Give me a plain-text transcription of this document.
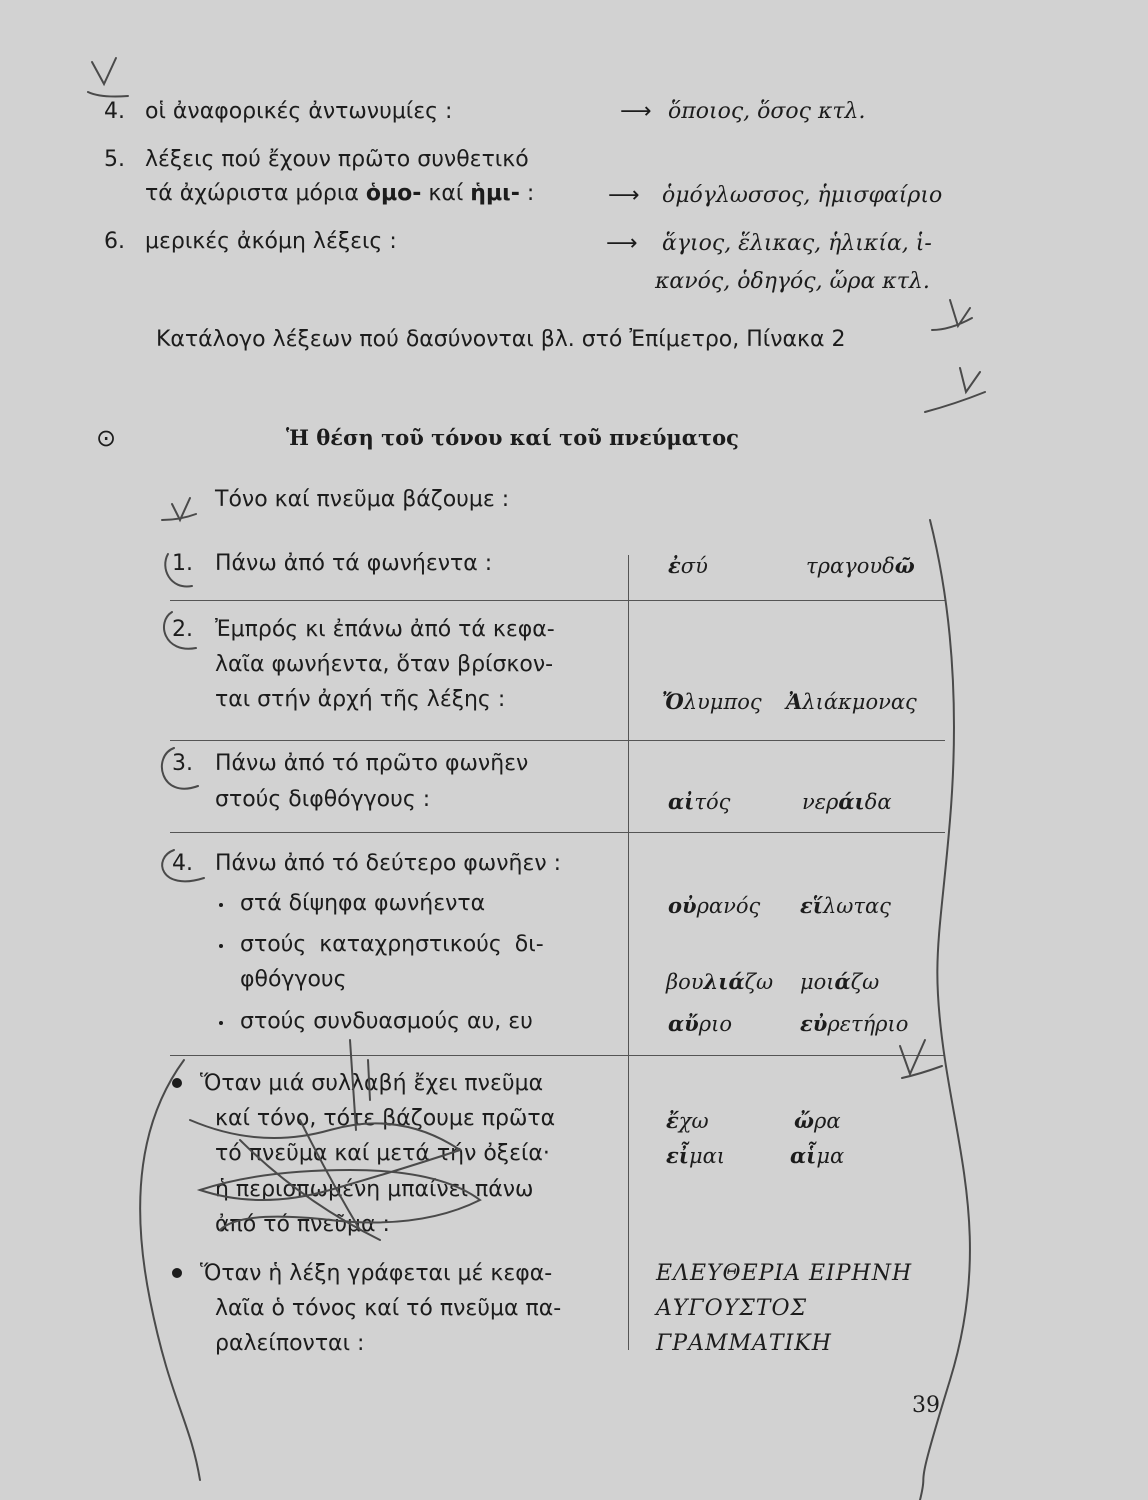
4. οἱ ἀναφορικές ἀντωνυμίες :	⟶ ὅποιος, ὅσος κτλ.
5. λέξεις πού ἔχουν πρῶτο συνθετικό
τά ἀχώριστα μόρια ὁμο- καί ἡμι- :	⟶ ὁμόγλωσσος, ἡμισφαίριο
6. μερικές ἀκόμη λέξεις :	⟶ ἅγιος, ἕλικας, ἡλικία, ἱ-
κανός, ὁδηγός, ὥρα κτλ.
Κατάλογο λέξεων πού δασύνονται βλ. στό Ἐπίμετρο, Πίνακα 2
⊙	Ἡ θέση τοῦ τόνου καί τοῦ πνεύματος
Τόνο καί πνεῦμα βάζουμε :
1. Πάνω ἀπό τά φωνήεντα :	ἐσύ	τραγουδῶ
2. Ἐμπρός κι ἐπάνω ἀπό τά κεφα-
λαῖα φωνήεντα, ὅταν βρίσκον-
ται στήν ἀρχή τῆς λέξης :	Ὄλυμπος Ἀλιάκμονας
3. Πάνω ἀπό τό πρῶτο φωνῆεν
στούς διφθόγγους :	αἰτός	νεράιδα
4. Πάνω ἀπό τό δεύτερο φωνῆεν :
στά δίψηφα φωνήεντα	οὐρανός εἵλωτας
στούς καταχρηστικούς δι-
φθόγγους	βουλιάζω μοιάζω
στούς συνδυασμούς αυ, ευ	αὔριο	εὐρετήριο
Ὅταν μιά συλλαβή ἔχει πνεῦμα
καί τόνο, τότε βάζουμε πρῶτα
τό πνεῦμα καί μετά τήν ὀξεία·
ἡ περισπωμένη μπαίνει πάνω
ἀπό τό πνεῦμα :
ἔχω	ὤρα
εἶμαι	αἷμα
Ὅταν ἡ λέξη γράφεται μέ κεφα-
λαῖα ὁ τόνος καί τό πνεῦμα πα-
ραλείπονται :
ΕΛΕΥΘΕΡΙΑ ΕΙΡΗΝΗ
ΑΥΓΟΥΣΤΟΣ
ΓΡΑΜΜΑΤΙΚΗ
39
